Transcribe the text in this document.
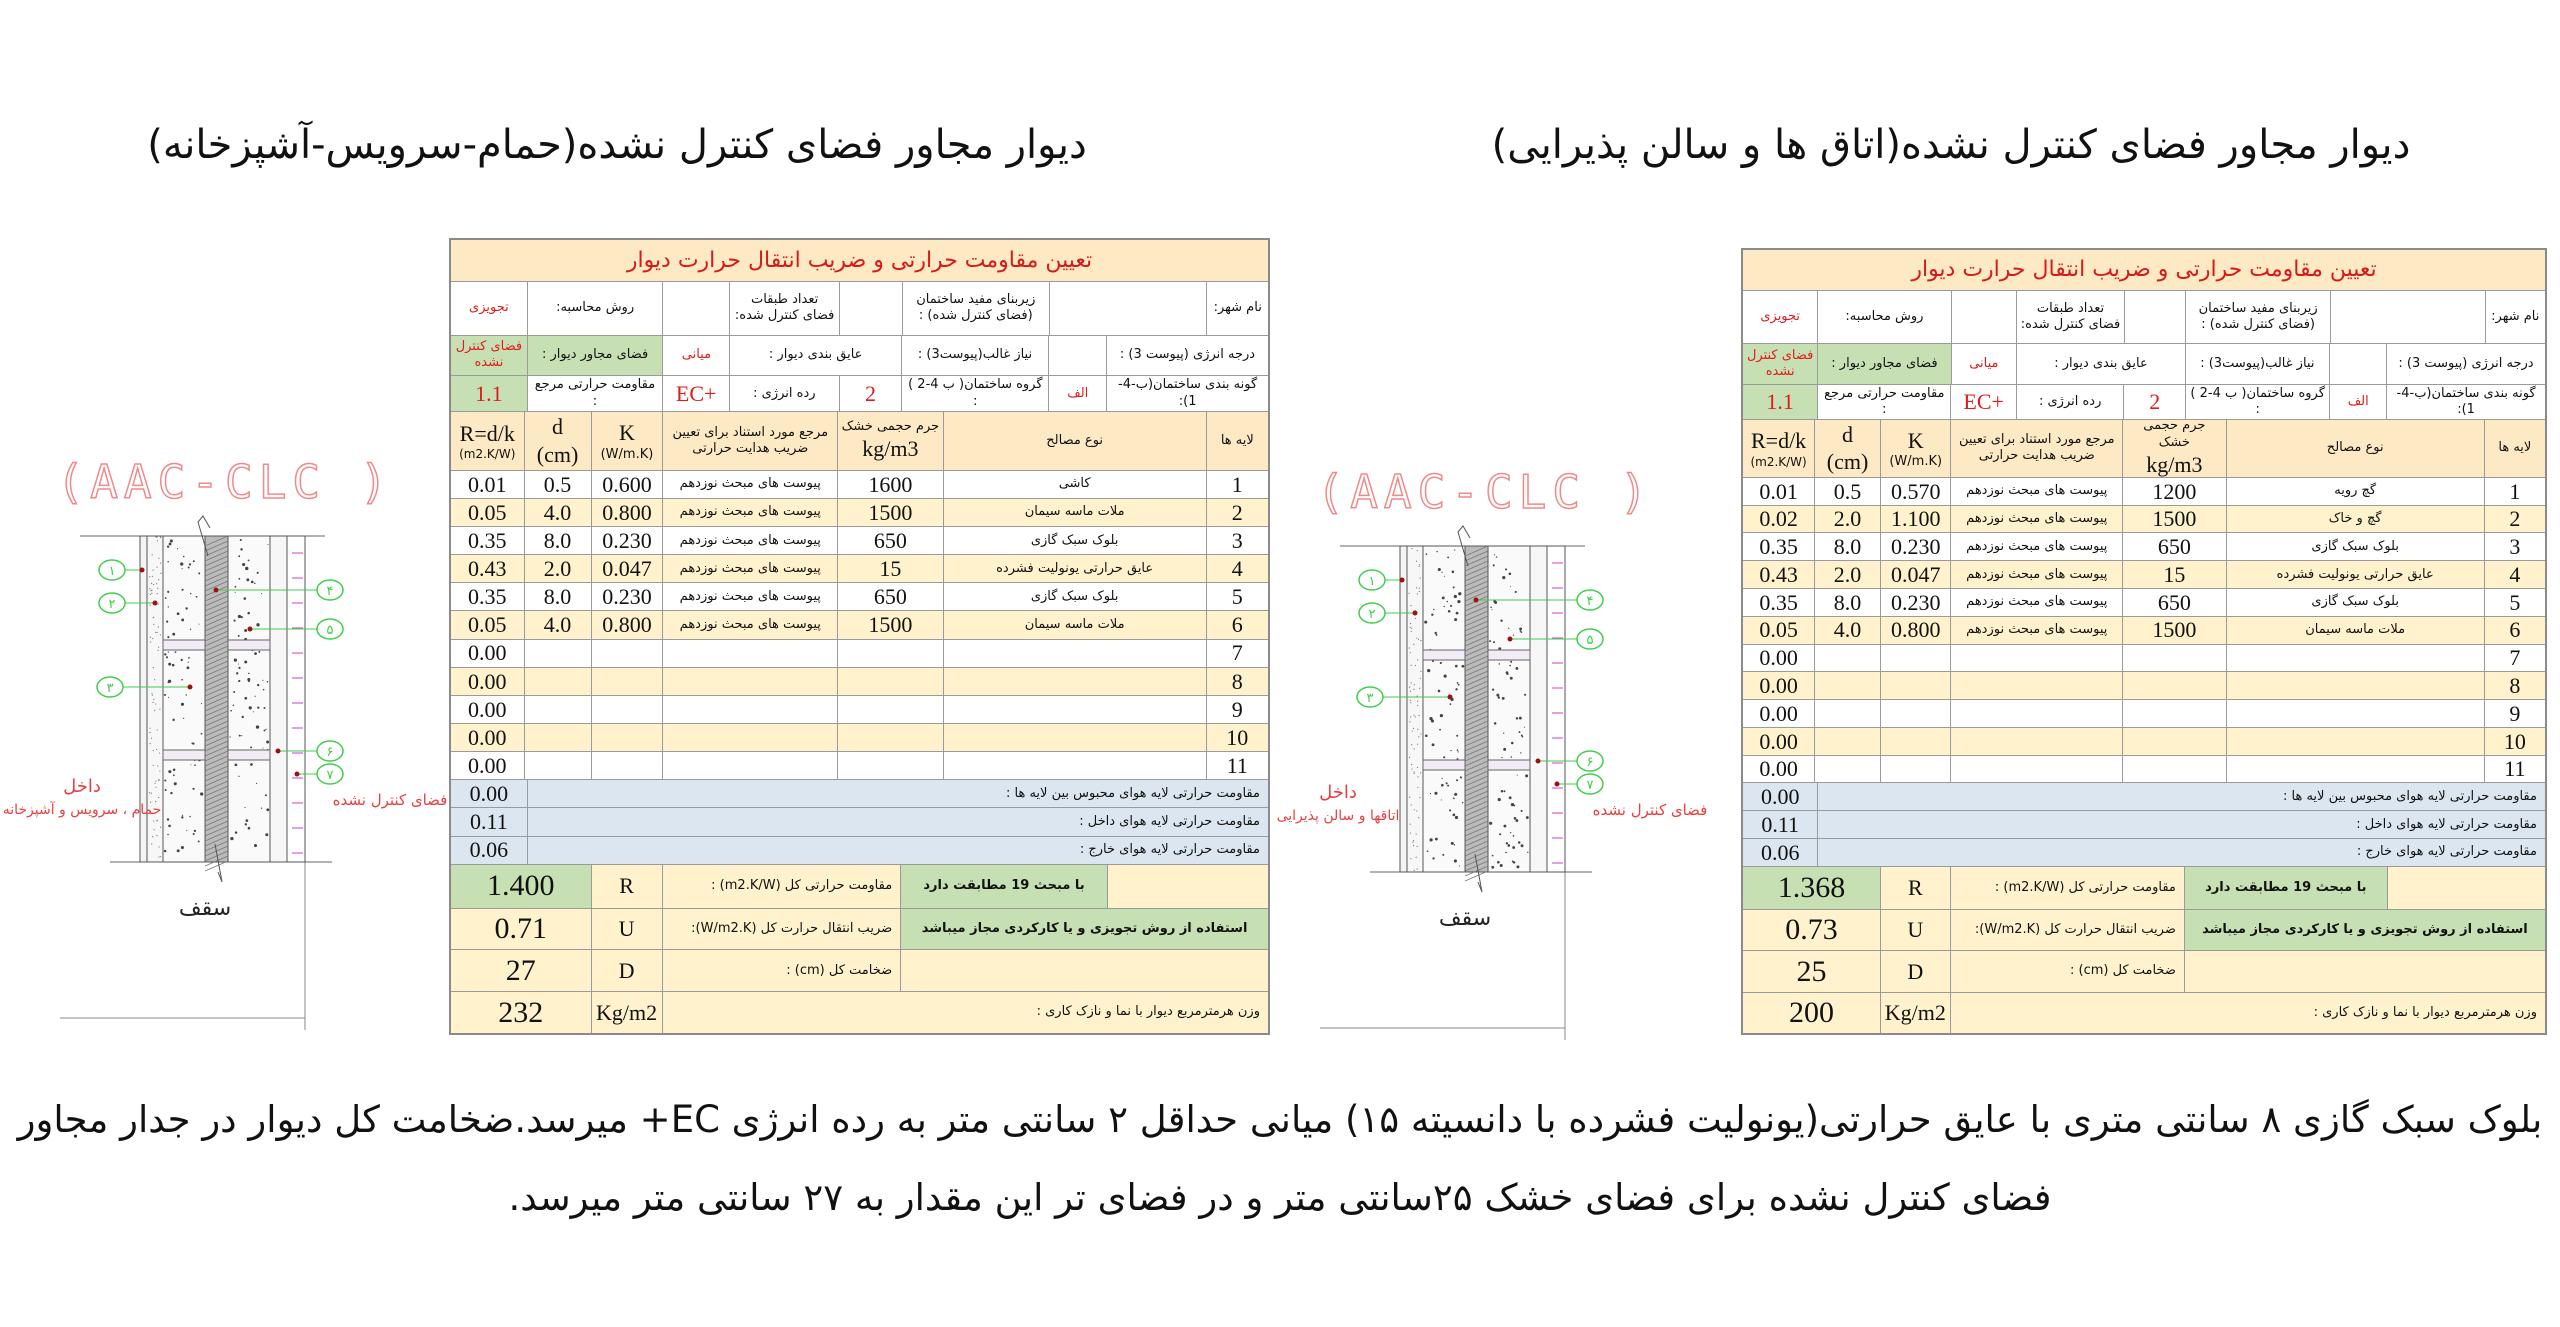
دیوار مجاور فضای کنترل نشده(حمام-سرویس-آشپزخانه)	دیوار مجاور فضای کنترل نشده(اتاق ها و سالن پذیرایی)
(AAC-CLC )
سقف
۱
۲
۳
۴
۵
۶
۷
داخل
حمام ، سرویس و آشپزخانه
فضای کنترل نشده
(AAC-CLC )
سقف
۱
۲
۳
۴
۵
۶
۷
داخل
اتاقها و سالن پذیرایی	فضای کنترل نشده
تعیین مقاومت حرارتی و ضریب انتقال حرارت دیوار
تجویزی	روش محاسبه:
تعداد طبقات فضای کنترل شده:
زیربنای مفید ساختمان (فضای کنترل شده) :
نام شهر:
فضای کنترل نشده
فضای مجاور دیوار :	میانی	عایق بندی دیوار :	نیاز غالب(پیوست3) :	درجه انرژی (پیوست 3) :
1.1	مقاومت حرارتی مرجع :	EC+	رده انرژی :	2	گروه ساختمان( ب 4-2 ) :
الف
گونه بندی ساختمان(ب-4-1):
R=d/k
(m2.K/W)
d
(cm)
K
(W/m.K)
مرجع مورد استناد برای تعیین ضریب هدایت حرارتی
جرم حجمی خشک
kg/m3	نوع مصالح	لایه ها
0.01	0.5	0.600	پیوست های مبحث نوزدهم	1600	کاشی	1
0.05	4.0	0.800	پیوست های مبحث نوزدهم	1500	ملات ماسه سیمان	2
0.35	8.0	0.230	پیوست های مبحث نوزدهم	650	بلوک سبک گازی	3
0.43	2.0	0.047	پیوست های مبحث نوزدهم	15	عایق حرارتی یونولیت فشرده	4
0.35	8.0	0.230	پیوست های مبحث نوزدهم	650	بلوک سبک گازی	5
0.05	4.0	0.800	پیوست های مبحث نوزدهم	1500	ملات ماسه سیمان	6
0.00	7
0.00	8
0.00	9
0.00	10
0.00	11
0.00	مقاومت حرارتی لایه هوای محبوس بین لایه ها :
0.11	مقاومت حرارتی لایه هوای داخل :
0.06	مقاومت حرارتی لایه هوای خارج :
1.400	R	مقاومت حرارتی کل (m2.K/W) :	با مبحث 19 مطابقت دارد
0.71	U	ضریب انتقال حرارت کل (W/m2.K):	استفاده از روش تجویزی و یا کارکردی مجاز میباشد
27	D	ضخامت کل (cm) :
232	Kg/m2	وزن هرمترمربع دیوار با نما و نازک کاری :
تعیین مقاومت حرارتی و ضریب انتقال حرارت دیوار
تجویزی	روش محاسبه:
تعداد طبقات فضای کنترل شده:
زیربنای مفید ساختمان (فضای کنترل شده) :
نام شهر:
فضای کنترل نشده
فضای مجاور دیوار :	میانی	عایق بندی دیوار :	نیاز غالب(پیوست3) :	درجه انرژی (پیوست 3) :
1.1	مقاومت حرارتی مرجع :	EC+	رده انرژی :	2	گروه ساختمان( ب 4-2 ) :
الف
گونه بندی ساختمان(ب-4-1):
R=d/k
(m2.K/W)
d
(cm)
K
(W/m.K)
مرجع مورد استناد برای تعیین ضریب هدایت حرارتی
جرم حجمی خشک
kg/m3
نوع مصالح	لایه ها
0.01	0.5	0.570	پیوست های مبحث نوزدهم	1200	گچ رویه	1
0.02	2.0	1.100	پیوست های مبحث نوزدهم	1500	گچ و خاک	2
0.35	8.0	0.230	پیوست های مبحث نوزدهم	650	بلوک سبک گازی	3
0.43	2.0	0.047	پیوست های مبحث نوزدهم	15	عایق حرارتی یونولیت فشرده	4
0.35	8.0	0.230	پیوست های مبحث نوزدهم	650	بلوک سبک گازی	5
0.05	4.0	0.800	پیوست های مبحث نوزدهم	1500	ملات ماسه سیمان	6
0.00	7
0.00	8
0.00	9
0.00	10
0.00	11
0.00	مقاومت حرارتی لایه هوای محبوس بین لایه ها :
0.11	مقاومت حرارتی لایه هوای داخل :
0.06	مقاومت حرارتی لایه هوای خارج :
1.368	R	مقاومت حرارتی کل (m2.K/W) :	با مبحث 19 مطابقت دارد
0.73	U	ضریب انتقال حرارت کل (W/m2.K):	استفاده از روش تجویزی و یا کارکردی مجاز میباشد
25	D	ضخامت کل (cm) :
200	Kg/m2	وزن هرمترمربع دیوار با نما و نازک کاری :
بلوک سبک گازی ۸ سانتی متری با عایق حرارتی(یونولیت فشرده با دانسیته ۱۵) میانی حداقل ۲ سانتی متر به رده انرژی EC+ میرسد.ضخامت کل دیوار در جدار مجاور
فضای کنترل نشده برای فضای خشک ۲۵سانتی متر و در فضای تر این مقدار به ۲۷ سانتی متر میرسد.
